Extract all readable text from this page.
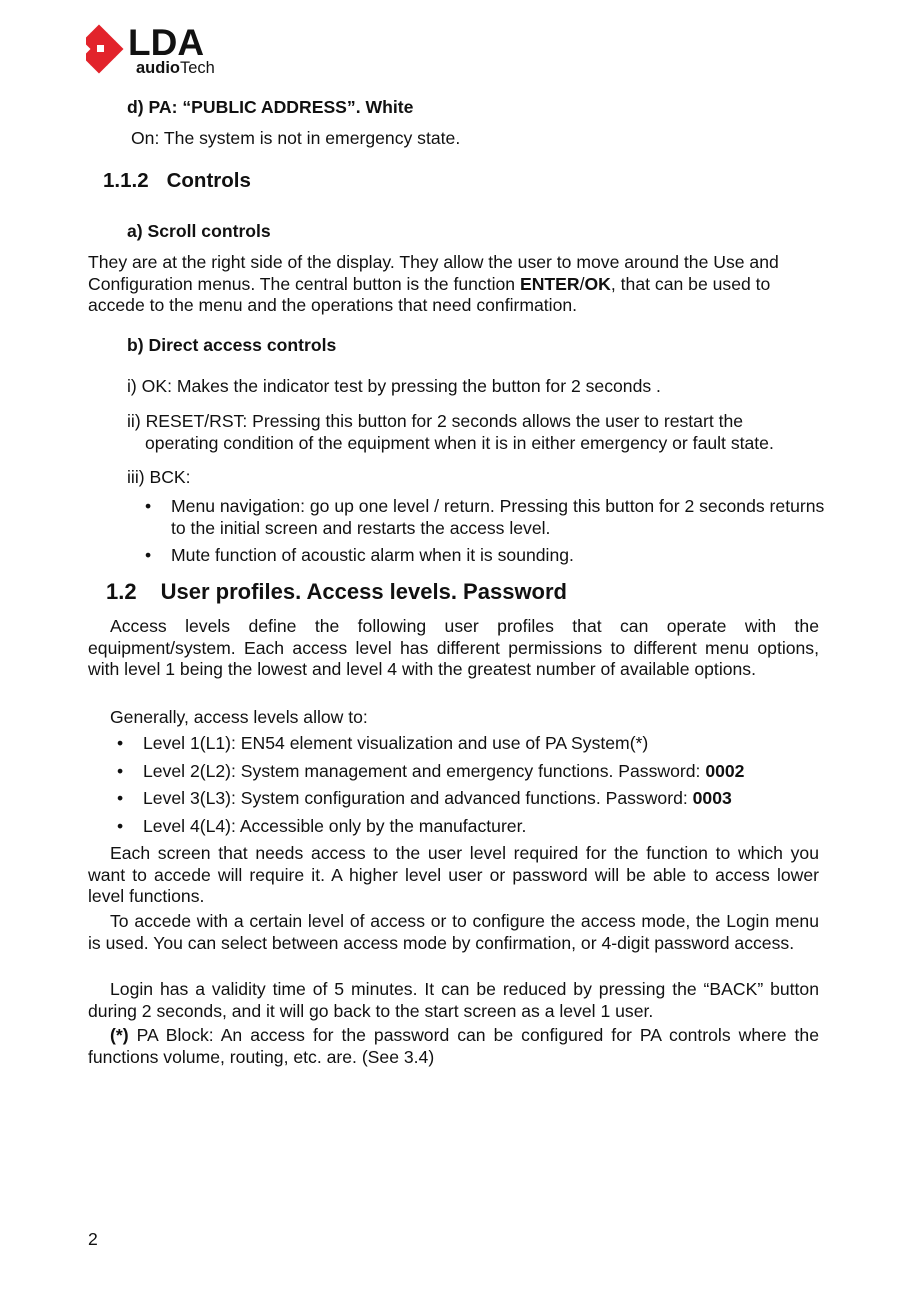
LDA
audioTech
d) PA: “PUBLIC ADDRESS”. White
On: The system is not in emergency state.
1.1.2 Controls
a) Scroll controls
They are at the right side of the display. They allow the user to move around the Use and Configuration menus. The central button is the function ENTER/OK, that can be used to accede to the menu and the operations that need confirmation.
b) Direct access controls
i) OK: Makes the indicator test by pressing the button for 2 seconds .
ii) RESET/RST: Pressing this button for 2 seconds allows the user to restart the
operating condition of the equipment when it is in either emergency or fault state.
iii) BCK:
• Menu navigation: go up one level / return. Pressing this button for 2 seconds returns to the initial screen and restarts the access level.
• Mute function of acoustic alarm when it is sounding.
1.2 User profiles. Access levels. Password
Access levels define the following user profiles that can operate with the equipment/system. Each access level has different permissions to different menu options, with level 1 being the lowest and level 4 with the greatest number of available options.
Generally, access levels allow to:
• Level 1(L1): EN54 element visualization and use of PA System(*)
• Level 2(L2): System management and emergency functions. Password: 0002
• Level 3(L3): System configuration and advanced functions. Password: 0003
• Level 4(L4): Accessible only by the manufacturer.
Each screen that needs access to the user level required for the function to which you want to accede will require it. A higher level user or password will be able to access lower level functions.
To accede with a certain level of access or to configure the access mode, the Login menu is used. You can select between access mode by confirmation, or 4-digit password access.
Login has a validity time of 5 minutes. It can be reduced by pressing the “BACK” button during 2 seconds, and it will go back to the start screen as a level 1 user.
(*) PA Block: An access for the password can be configured for PA controls where the functions volume, routing, etc. are. (See 3.4)
2
